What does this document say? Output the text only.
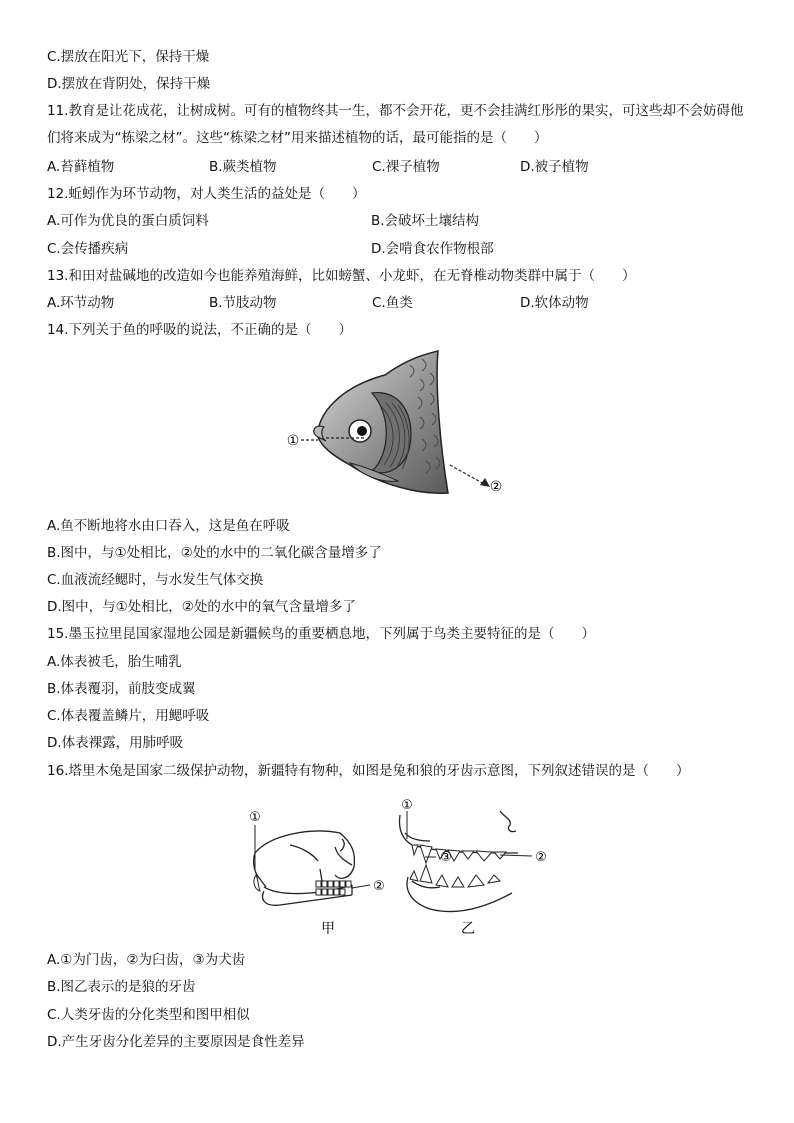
C.摆放在阳光下，保持干燥
D.摆放在背阴处，保持干燥
11.教育是让花成花，让树成树。可有的植物终其一生，都不会开花，更不会挂满红彤彤的果实，可这些却不会妨碍他们将来成为“栋梁之材”。这些“栋梁之材”用来描述植物的话，最可能指的是（　　）
A.苔藓植物	B.蕨类植物	C.裸子植物	D.被子植物
12.蚯蚓作为环节动物，对人类生活的益处是（　　）
A.可作为优良的蛋白质饲料	B.会破坏土壤结构
C.会传播疾病	D.会啃食农作物根部
13.和田对盐碱地的改造如今也能养殖海鲜，比如螃蟹、小龙虾，在无脊椎动物类群中属于（　　）
A.环节动物	B.节肢动物	C.鱼类	D.软体动物
14.下列关于鱼的呼吸的说法，不正确的是（　　）
①
②
A.鱼不断地将水由口吞入，这是鱼在呼吸
B.图中，与①处相比，②处的水中的二氧化碳含量增多了
C.血液流经鳃时，与水发生气体交换
D.图中，与①处相比，②处的水中的氧气含量增多了
15.墨玉拉里昆国家湿地公园是新疆候鸟的重要栖息地，下列属于鸟类主要特征的是（　　）
A.体表被毛，胎生哺乳
B.体表覆羽，前肢变成翼
C.体表覆盖鳞片，用鳃呼吸
D.体表裸露，用肺呼吸
16.塔里木兔是国家二级保护动物，新疆特有物种，如图是兔和狼的牙齿示意图，下列叙述错误的是（　　）
①
②
甲
①
③	②
乙
A.①为门齿，②为臼齿，③为犬齿
B.图乙表示的是狼的牙齿
C.人类牙齿的分化类型和图甲相似
D.产生牙齿分化差异的主要原因是食性差异
